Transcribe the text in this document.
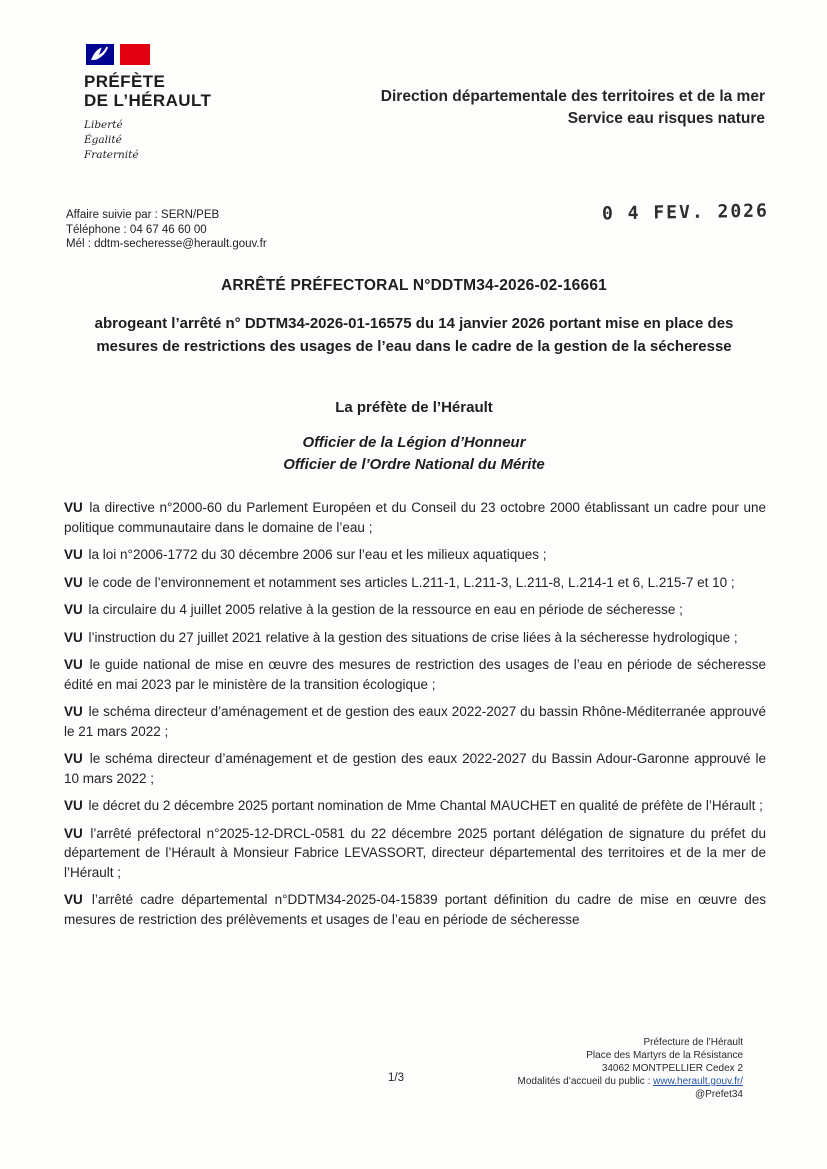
PRÉFÈTE
DE L’HÉRAULT
Liberté
Égalité
Fraternité
Direction départementale des territoires et de la mer
Service eau risques nature
Affaire suivie par : SERN/PEB
Téléphone : 04 67 46 60 00
Mél : ddtm-secheresse@herault.gouv.fr
0 4 FEV. 2026
ARRÊTÉ PRÉFECTORAL N°DDTM34-2026-02-16661
abrogeant l’arrêté n° DDTM34-2026-01-16575 du 14 janvier 2026 portant mise en place des mesures de restrictions des usages de l’eau dans le cadre de la gestion de la sécheresse
La préfète de l’Hérault
Officier de la Légion d’Honneur
Officier de l’Ordre National du Mérite

VU la directive n°2000-60 du Parlement Européen et du Conseil du 23 octobre 2000 établissant un cadre pour une politique communautaire dans le domaine de l’eau ;

VU la loi n°2006-1772 du 30 décembre 2006 sur l’eau et les milieux aquatiques ;

VU le code de l’environnement et notamment ses articles L.211-1, L.211-3, L.211-8, L.214-1 et 6, L.215-7 et 10 ;

VU la circulaire du 4 juillet 2005 relative à la gestion de la ressource en eau en période de sécheresse ;

VU l’instruction du 27 juillet 2021 relative à la gestion des situations de crise liées à la sécheresse hydrologique ;

VU le guide national de mise en œuvre des mesures de restriction des usages de l’eau en période de sécheresse édité en mai 2023 par le ministère de la transition écologique ;

VU le schéma directeur d’aménagement et de gestion des eaux 2022-2027 du bassin Rhône-Méditerranée approuvé le 21 mars 2022 ;

VU le schéma directeur d’aménagement et de gestion des eaux 2022-2027 du Bassin Adour-Garonne approuvé le 10 mars 2022 ;

VU le décret du 2 décembre 2025 portant nomination de Mme Chantal MAUCHET en qualité de préfète de l’Hérault ;

VU l’arrêté préfectoral n°2025-12-DRCL-0581 du 22 décembre 2025 portant délégation de signature du préfet du département de l’Hérault à Monsieur Fabrice LEVASSORT, directeur départemental des territoires et de la mer de l’Hérault ;

VU l’arrêté cadre départemental n°DDTM34-2025-04-15839 portant définition du cadre de mise en œuvre des mesures de restriction des prélèvements et usages de l’eau en période de sécheresse

Préfecture de l’Hérault
Place des Martyrs de la Résistance
34062 MONTPELLIER Cedex 2
Modalités d’accueil du public : www.herault.gouv.fr/
@Prefet34
1/3
